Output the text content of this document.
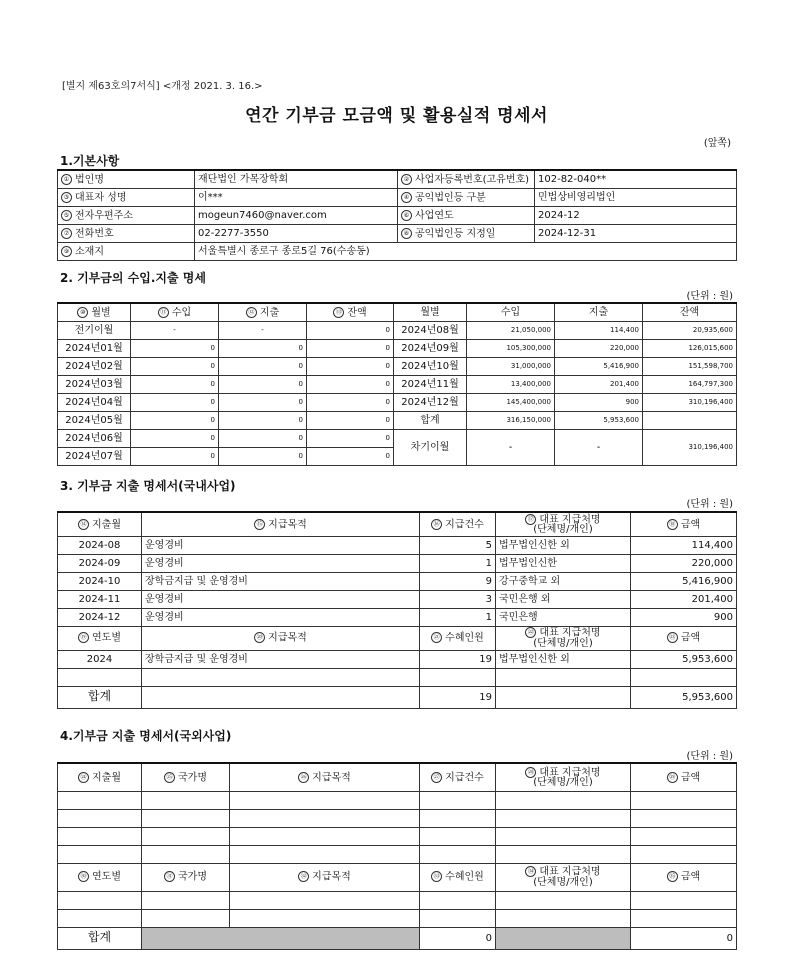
[별지 제63호의7서식] <개정 2021. 3. 16.>
연간 기부금 모금액 및 활용실적 명세서
(앞쪽)
1.기본사항
① 법인명	재단법인 가목장학회	② 사업자등록번호(고유번호)	102-82-040**
③ 대표자 성명	이***	④ 공익법인등 구분	민법상비영리법인
⑤ 전자우편주소	mogeun7460@naver.com	⑥ 사업연도	2024-12
⑦ 전화번호	02-2277-3550	⑧ 공익법인등 지정일	2024-12-31
⑨ 소재지	서울특별시 종로구 종로5길 76(수송동)		
2. 기부금의 수입.지출 명세
(단위 : 원)
⑩ 월별	⑪ 수입	⑫ 지출	⑬ 잔액	월별	수입	지출	잔액
전기이월	-	-	0	2024년08월	21,050,000	114,400	20,935,600
2024년01월	0	0	0	2024년09월	105,300,000	220,000	126,015,600
2024년02월	0	0	0	2024년10월	31,000,000	5,416,900	151,598,700
2024년03월	0	0	0	2024년11월	13,400,000	201,400	164,797,300
2024년04월	0	0	0	2024년12월	145,400,000	900	310,196,400
2024년05월	0	0	0	합계	316,150,000	5,953,600	
2024년06월	0	0	0	차기이월	-	-	310,196,400
2024년07월	0	0	0				
3. 기부금 지출 명세서(국내사업)
(단위 : 원)
⑭ 지출월	⑮ 지급목적	⑯ 지급건수	⑰ 대표 지급처명
(단체명/개인)	⑱ 금액
2024-08	운영경비	5	법무법인신한 외	114,400
2024-09	운영경비	1	법무법인신한	220,000
2024-10	장학금지급 및 운영경비	9	강구중학교 외	5,416,900
2024-11	운영경비	3	국민은행 외	201,400
2024-12	운영경비	1	국민은행	900
⑲ 연도별	⑳ 지급목적	㉑ 수혜인원	㉒ 대표 지급처명
(단체명/개인)	㉓ 금액
2024	장학금지급 및 운영경비	19	법무법인신한 외	5,953,600

합계		19		5,953,600
4.기부금 지출 명세서(국외사업)
(단위 : 원)
㉔ 지출월	㉕ 국가명	㉖ 지급목적	㉗ 지급건수	㉘ 대표 지급처명
(단체명/개인)	㉙ 금액

㉚ 연도별	㉛ 국가명	㉜ 지급목적	㉝ 수혜인원	㉞ 대표 지급처명
(단체명/개인)	㉟ 금액

합계			0		0
